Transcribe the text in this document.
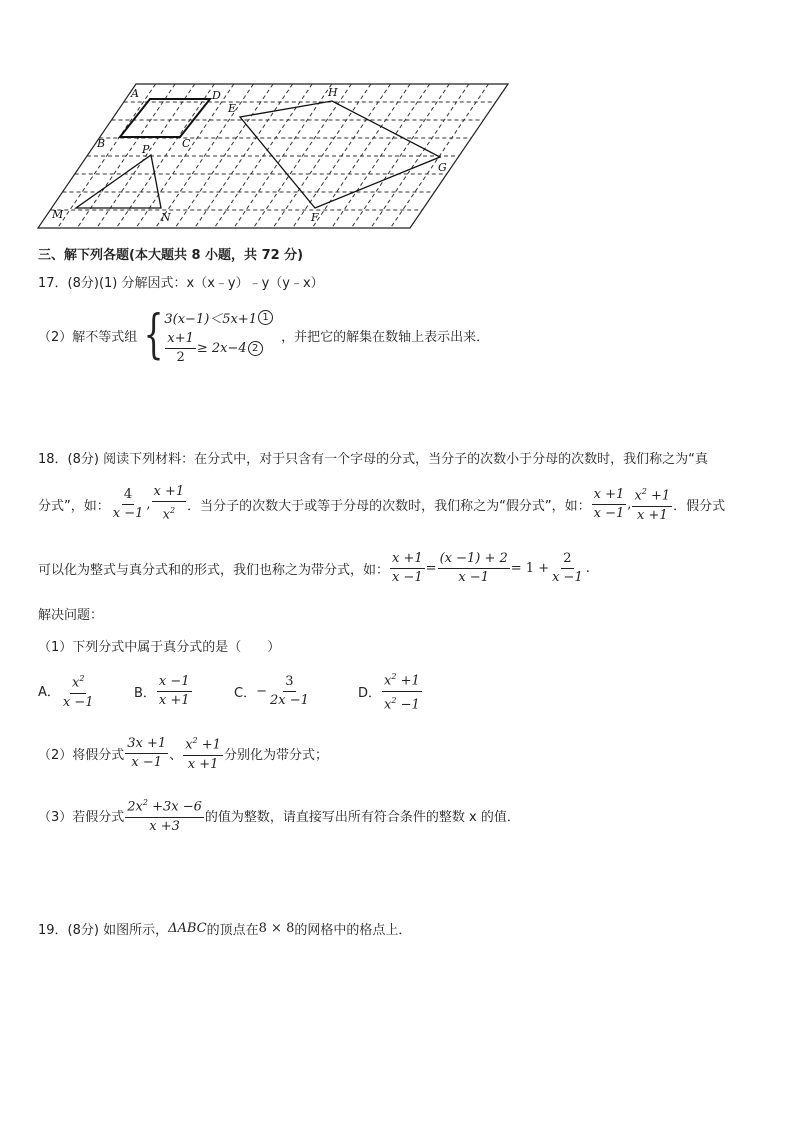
A	D
B	C
E
H
G
F
P
M	N
三、解下列各题(本大题共 8 小题，共 72 分)
17．(8分)(1) 分解因式：x（x﹣y）﹣y（y﹣x）
（2）解不等式组 { 3(x−1)＜5x+1 1
$\frac{x+1}{2} \ge 2x-4$ 2
，并把它的解集在数轴上表示出来．
18．(8分) 阅读下列材料：在分式中，对于只含有一个字母的分式，当分子的次数小于分母的次数时，我们称之为“真
分式”，如： $\frac{4}{x -1}$ , $\frac{x +1}{x^2}$ ．当分子的次数大于或等于分母的次数时，我们称之为“假分式”，如： $\frac{x +1}{x -1}$ , $\frac{x^2 +1}{x +1}$ ．假分式
可以化为整式与真分式和的形式，我们也称之为带分式，如： $\frac{x +1}{x -1} = \frac{(x -1) + 2}{x -1} = 1 + \frac{2}{x -1}$ .
解决问题：
（1）下列分式中属于真分式的是（　　）
A． $\frac{x^2}{x -1}$	B． $\frac{x -1}{x +1}$	C． − $\frac{3}{2x -1}$	D． $\frac{x^2 +1}{x^2 -1}$
（2）将假分式 $\frac{3x +1}{x -1}$ 、 $\frac{x^2 +1}{x +1}$ 分别化为带分式；
（3）若假分式 $\frac{2x^2 +3x -6}{x +3}$ 的值为整数，请直接写出所有符合条件的整数 x 的值．
19．(8分) 如图所示， ΔABC 的顶点在 8 × 8 的网格中的格点上．
